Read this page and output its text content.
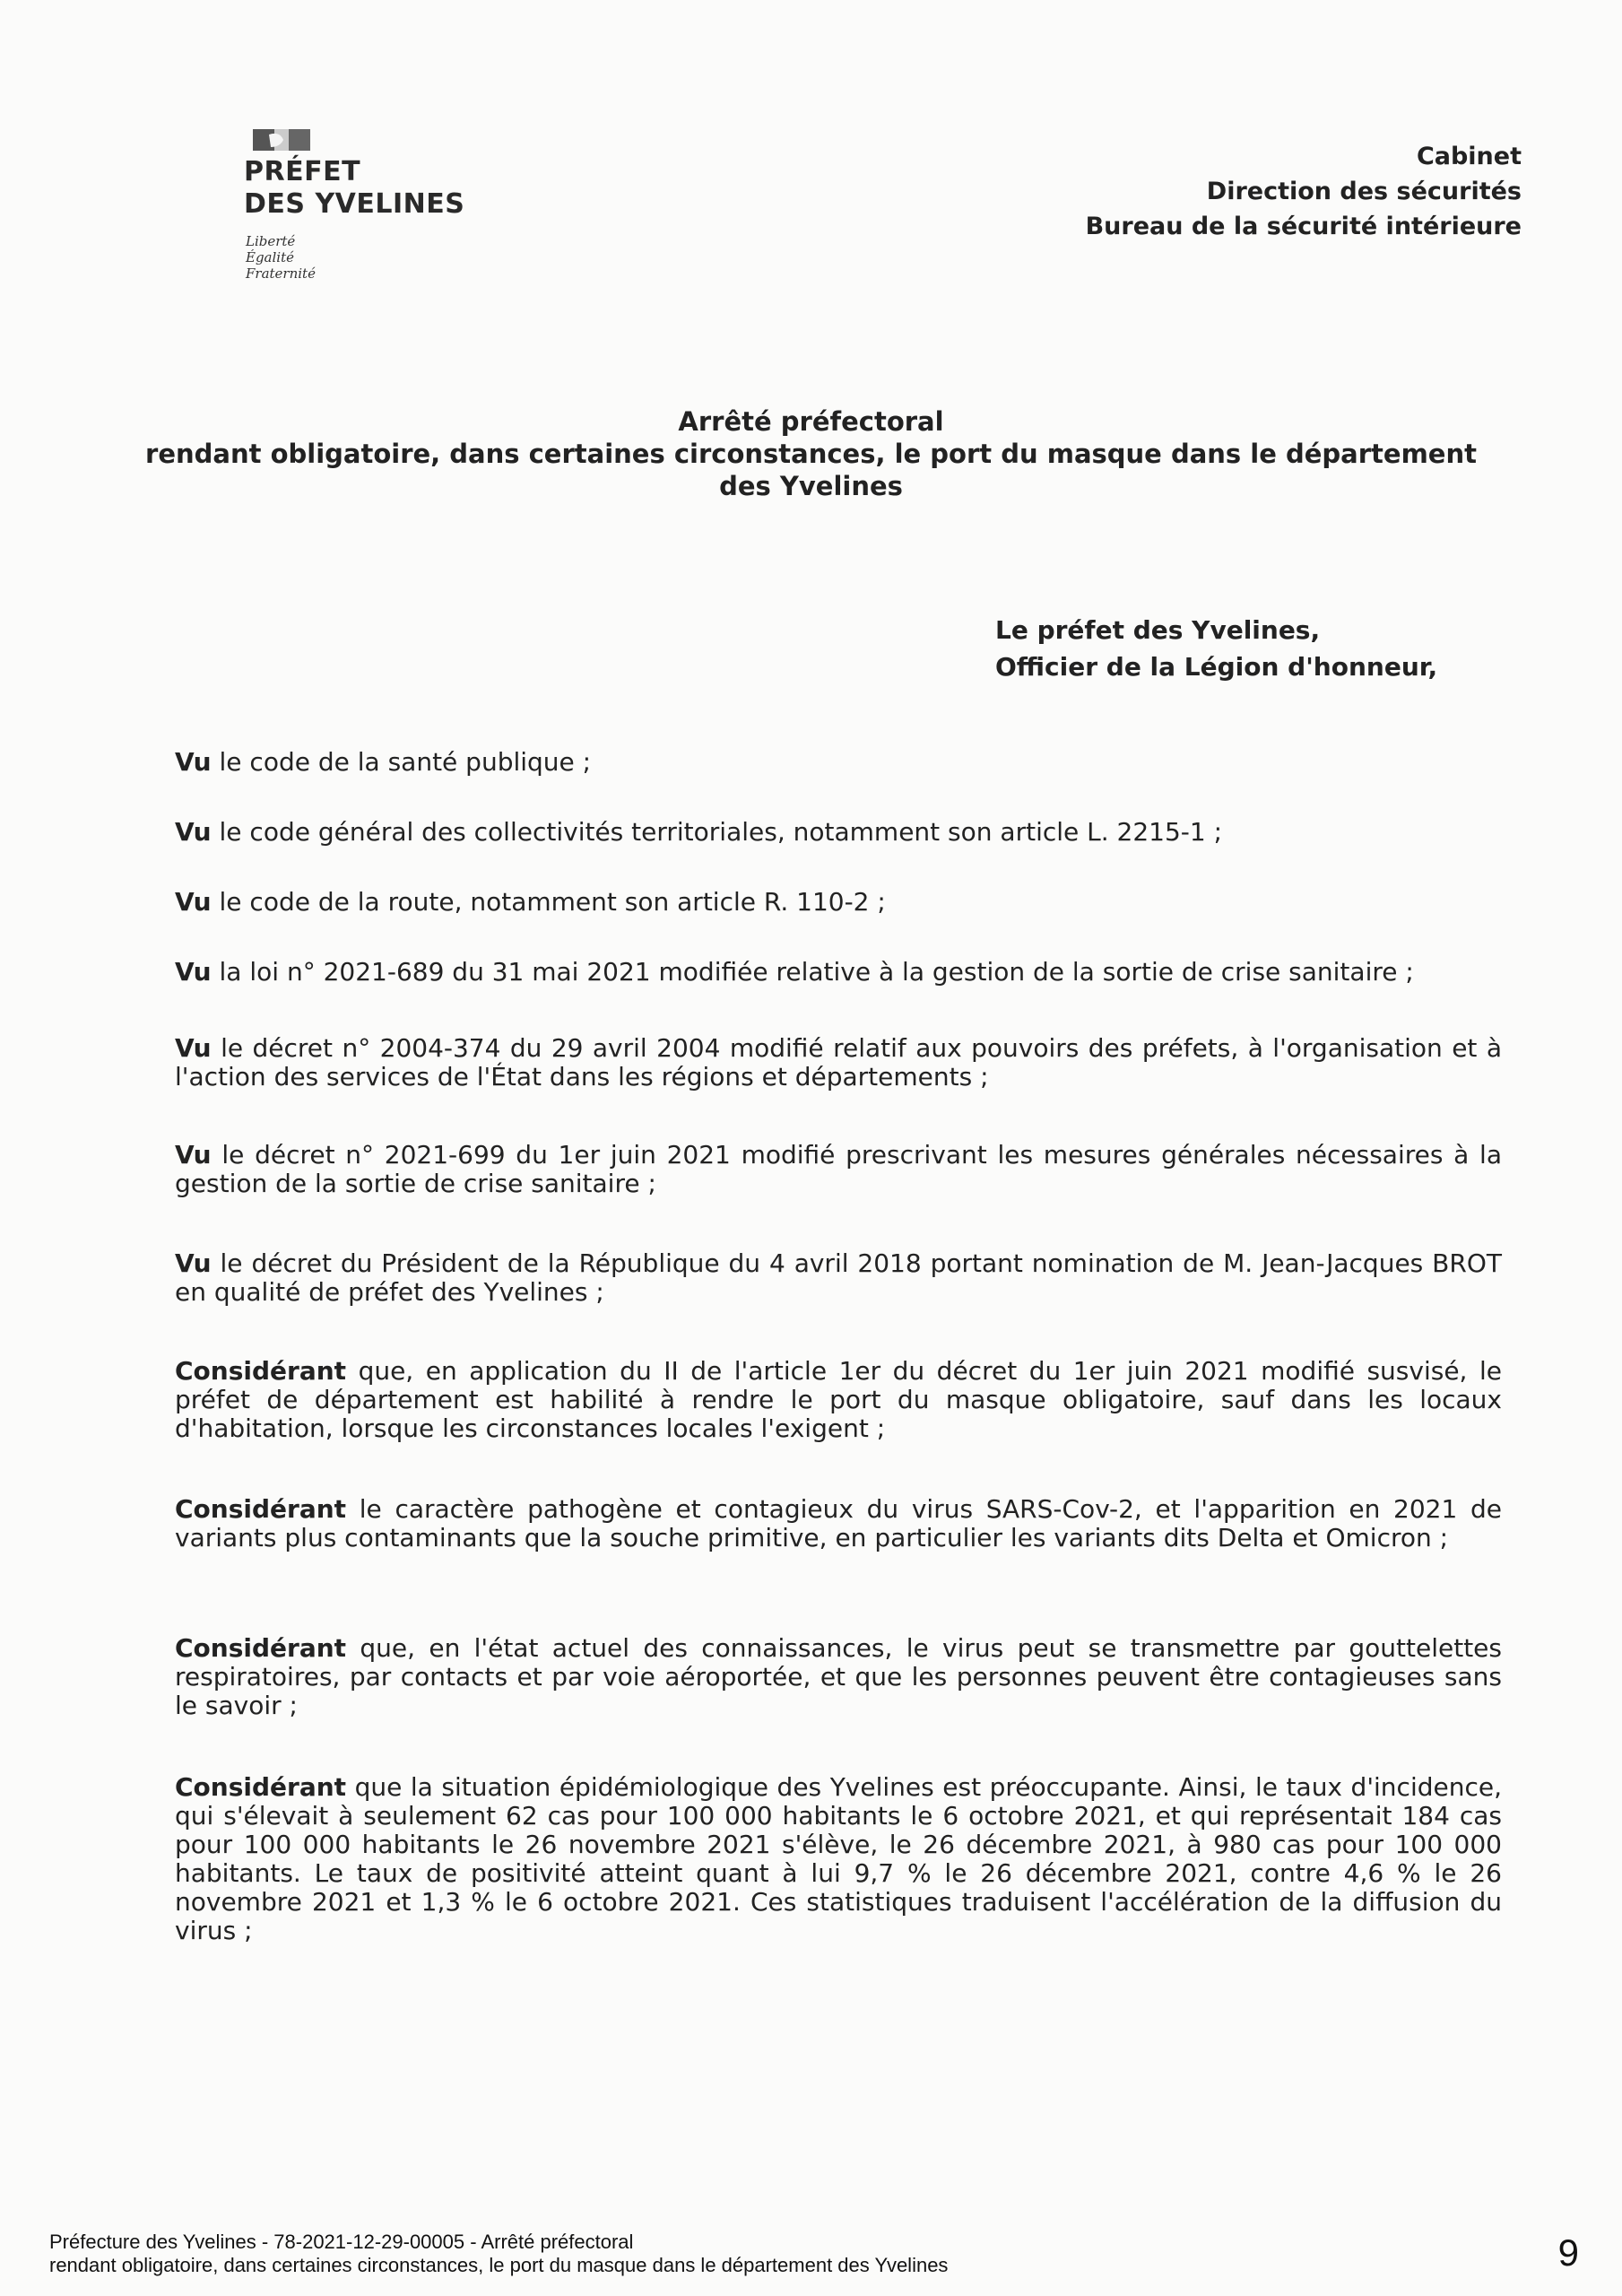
PRÉFET
DES YVELINES
Liberté
Égalité
Fraternité
Cabinet
Direction des sécurités
Bureau de la sécurité intérieure
Arrêté préfectoral
rendant obligatoire, dans certaines circonstances, le port du masque dans le département
des Yvelines
Le préfet des Yvelines,
Officier de la Légion d'honneur,
Vu le code de la santé publique ;
Vu le code général des collectivités territoriales, notamment son article L. 2215-1 ;
Vu le code de la route, notamment son article R. 110-2 ;
Vu la loi n° 2021-689 du 31 mai 2021 modifiée relative à la gestion de la sortie de crise sanitaire ;
Vu le décret n° 2004-374 du 29 avril 2004 modifié relatif aux pouvoirs des préfets, à l'organisation et à l'action des services de l'État dans les régions et départements ;
Vu le décret n° 2021-699 du 1er juin 2021 modifié prescrivant les mesures générales nécessaires à la gestion de la sortie de crise sanitaire ;
Vu le décret du Président de la République du 4 avril 2018 portant nomination de M. Jean-Jacques BROT en qualité de préfet des Yvelines ;
Considérant que, en application du II de l'article 1er du décret du 1er juin 2021 modifié susvisé, le préfet de département est habilité à rendre le port du masque obligatoire, sauf dans les locaux d'habitation, lorsque les circonstances locales l'exigent ;
Considérant le caractère pathogène et contagieux du virus SARS-Cov-2, et l'apparition en 2021 de variants plus contaminants que la souche primitive, en particulier les variants dits Delta et Omicron ;
Considérant que, en l'état actuel des connaissances, le virus peut se transmettre par gouttelettes respiratoires, par contacts et par voie aéroportée, et que les personnes peuvent être contagieuses sans le savoir ;
Considérant que la situation épidémiologique des Yvelines est préoccupante. Ainsi, le taux d'incidence, qui s'élevait à seulement 62 cas pour 100 000 habitants le 6 octobre 2021, et qui représentait 184 cas pour 100 000 habitants le 26 novembre 2021 s'élève, le 26 décembre 2021, à 980 cas pour 100 000 habitants. Le taux de positivité atteint quant à lui 9,7 % le 26 décembre 2021, contre 4,6 % le 26 novembre 2021 et 1,3 % le 6 octobre 2021. Ces statistiques traduisent l'accélération de la diffusion du virus ;
Préfecture des Yvelines - 78-2021-12-29-00005 - Arrêté préfectoral
rendant obligatoire, dans certaines circonstances, le port du masque dans le département des Yvelines	9
